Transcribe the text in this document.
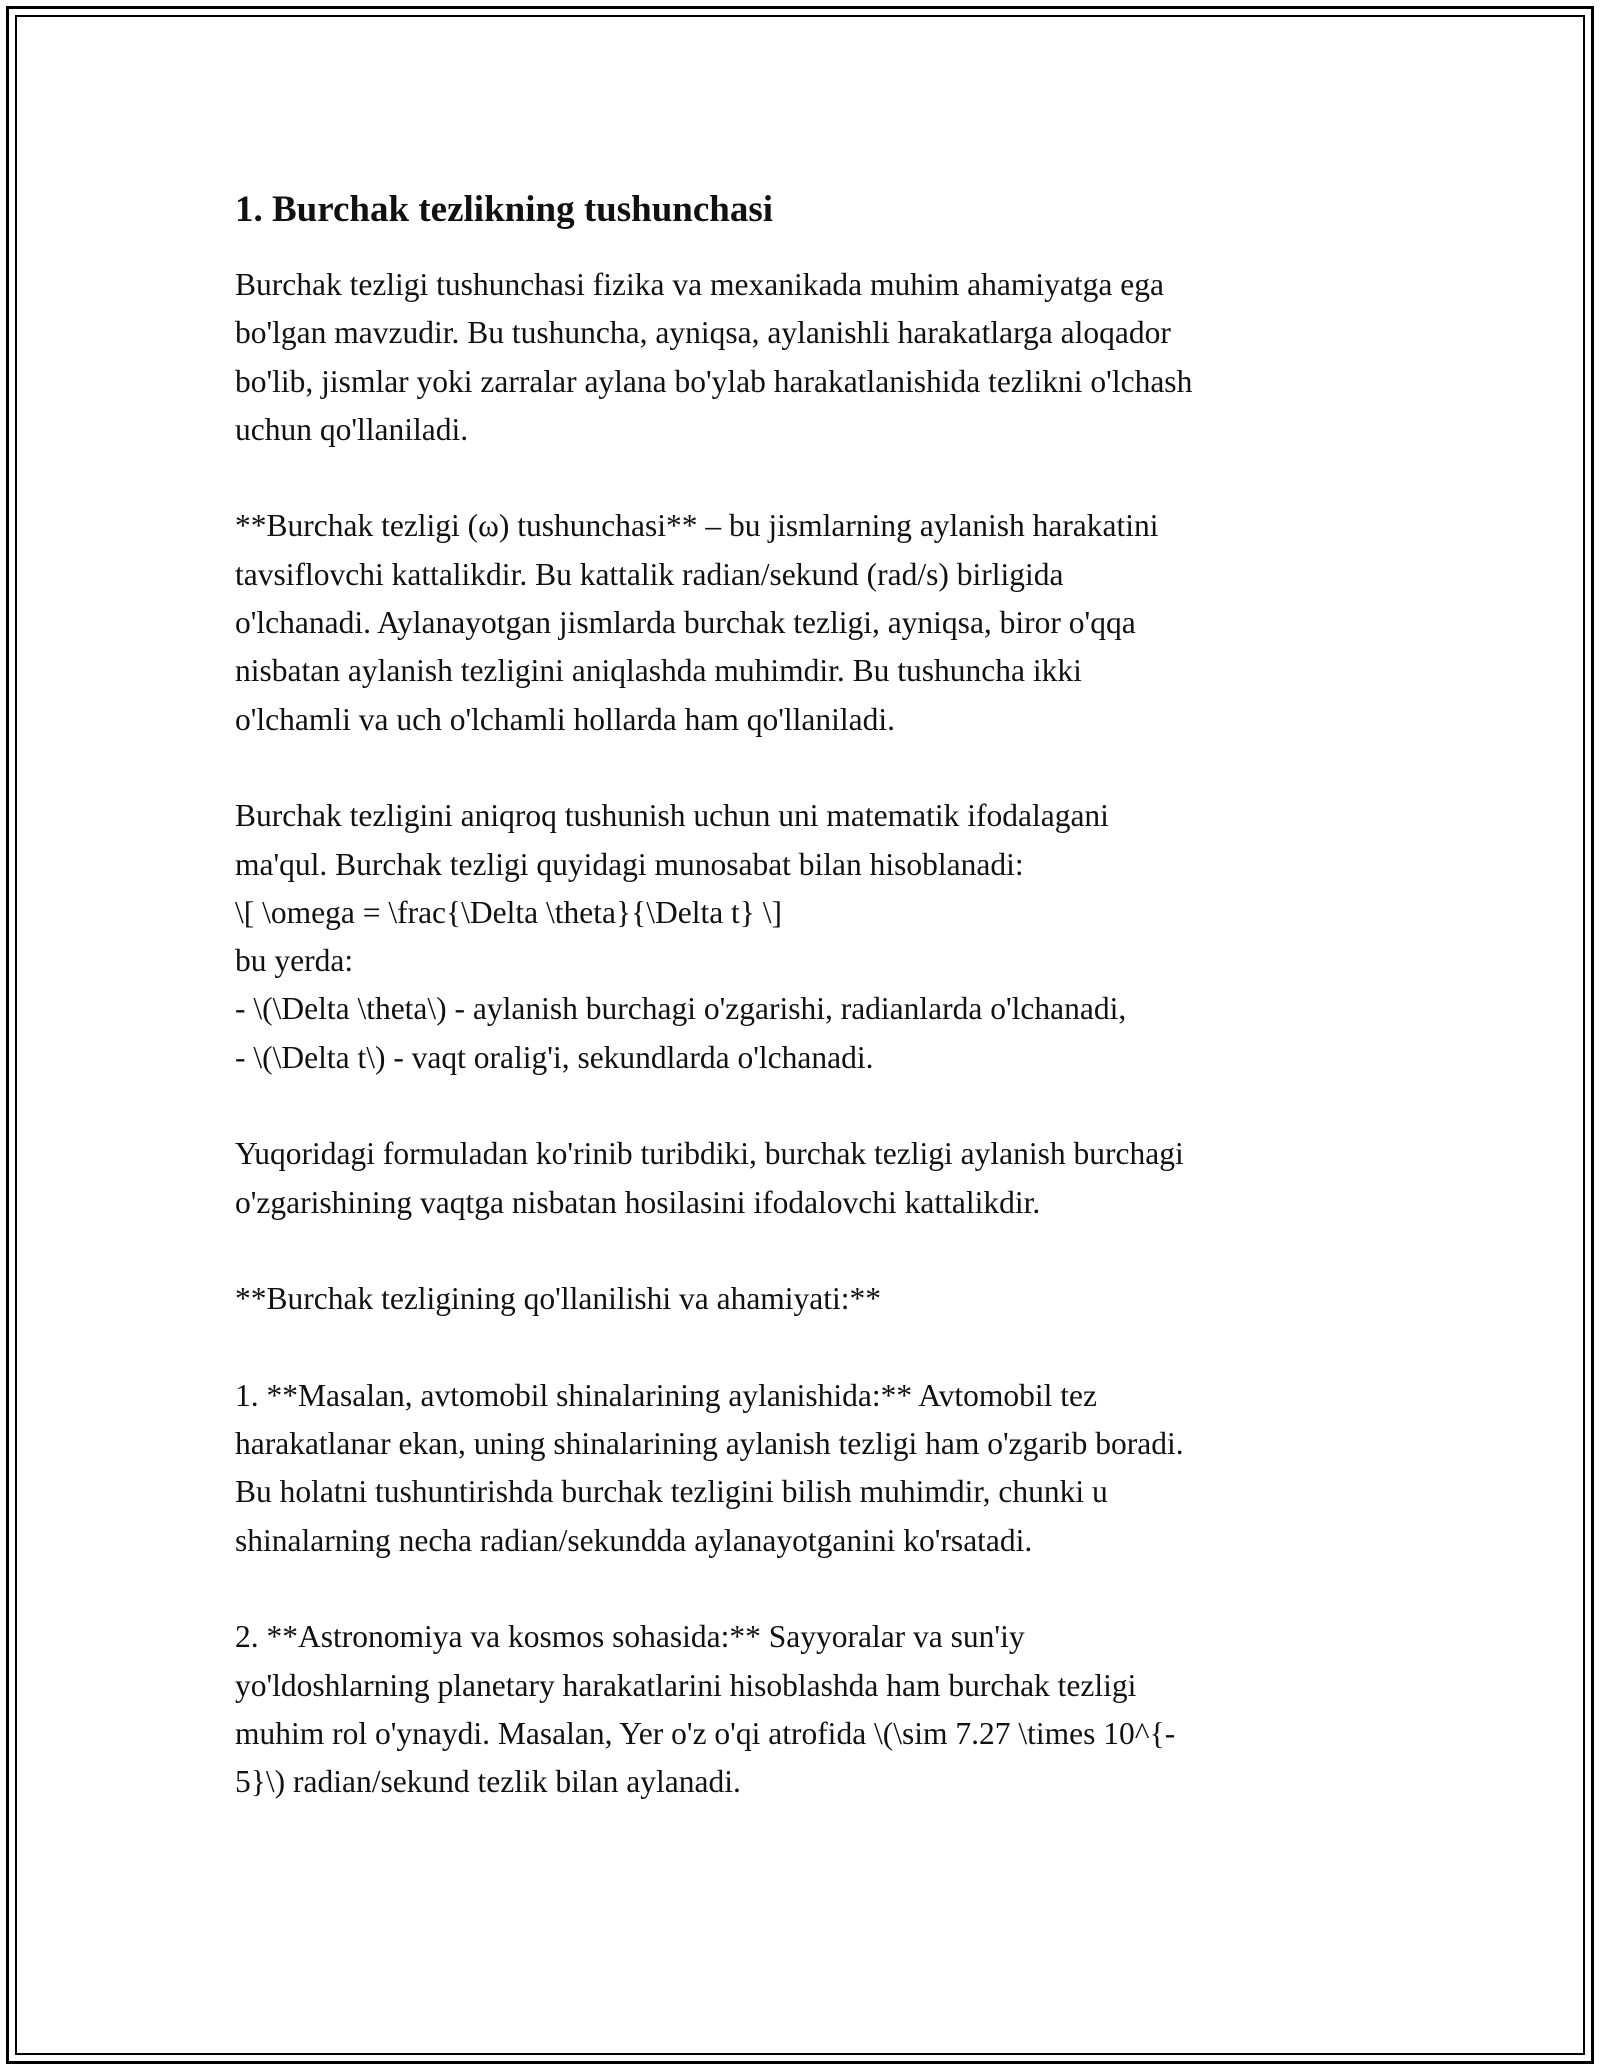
1. Burchak tezlikning tushunchasi

Burchak tezligi tushunchasi fizika va mexanikada muhim ahamiyatga ega
bo'lgan mavzudir. Bu tushuncha, ayniqsa, aylanishli harakatlarga aloqador
bo'lib, jismlar yoki zarralar aylana bo'ylab harakatlanishida tezlikni o'lchash
uchun qo'llaniladi.

**Burchak tezligi (ω) tushunchasi** – bu jismlarning aylanish harakatini
tavsiflovchi kattalikdir. Bu kattalik radian/sekund (rad/s) birligida
o'lchanadi. Aylanayotgan jismlarda burchak tezligi, ayniqsa, biror o'qqa
nisbatan aylanish tezligini aniqlashda muhimdir. Bu tushuncha ikki
o'lchamli va uch o'lchamli hollarda ham qo'llaniladi.

Burchak tezligini aniqroq tushunish uchun uni matematik ifodalagani
ma'qul. Burchak tezligi quyidagi munosabat bilan hisoblanadi:
\[ \omega = \frac{\Delta \theta}{\Delta t} \]
bu yerda:
- \(\Delta \theta\) - aylanish burchagi o'zgarishi, radianlarda o'lchanadi,
- \(\Delta t\) - vaqt oralig'i, sekundlarda o'lchanadi.

Yuqoridagi formuladan ko'rinib turibdiki, burchak tezligi aylanish burchagi
o'zgarishining vaqtga nisbatan hosilasini ifodalovchi kattalikdir.

**Burchak tezligining qo'llanilishi va ahamiyati:**

1. **Masalan, avtomobil shinalarining aylanishida:** Avtomobil tez
harakatlanar ekan, uning shinalarining aylanish tezligi ham o'zgarib boradi.
Bu holatni tushuntirishda burchak tezligini bilish muhimdir, chunki u
shinalarning necha radian/sekundda aylanayotganini ko'rsatadi.

2. **Astronomiya va kosmos sohasida:** Sayyoralar va sun'iy
yo'ldoshlarning planetary harakatlarini hisoblashda ham burchak tezligi
muhim rol o'ynaydi. Masalan, Yer o'z o'qi atrofida \(\sim 7.27 \times 10^{-
5}\) radian/sekund tezlik bilan aylanadi.
